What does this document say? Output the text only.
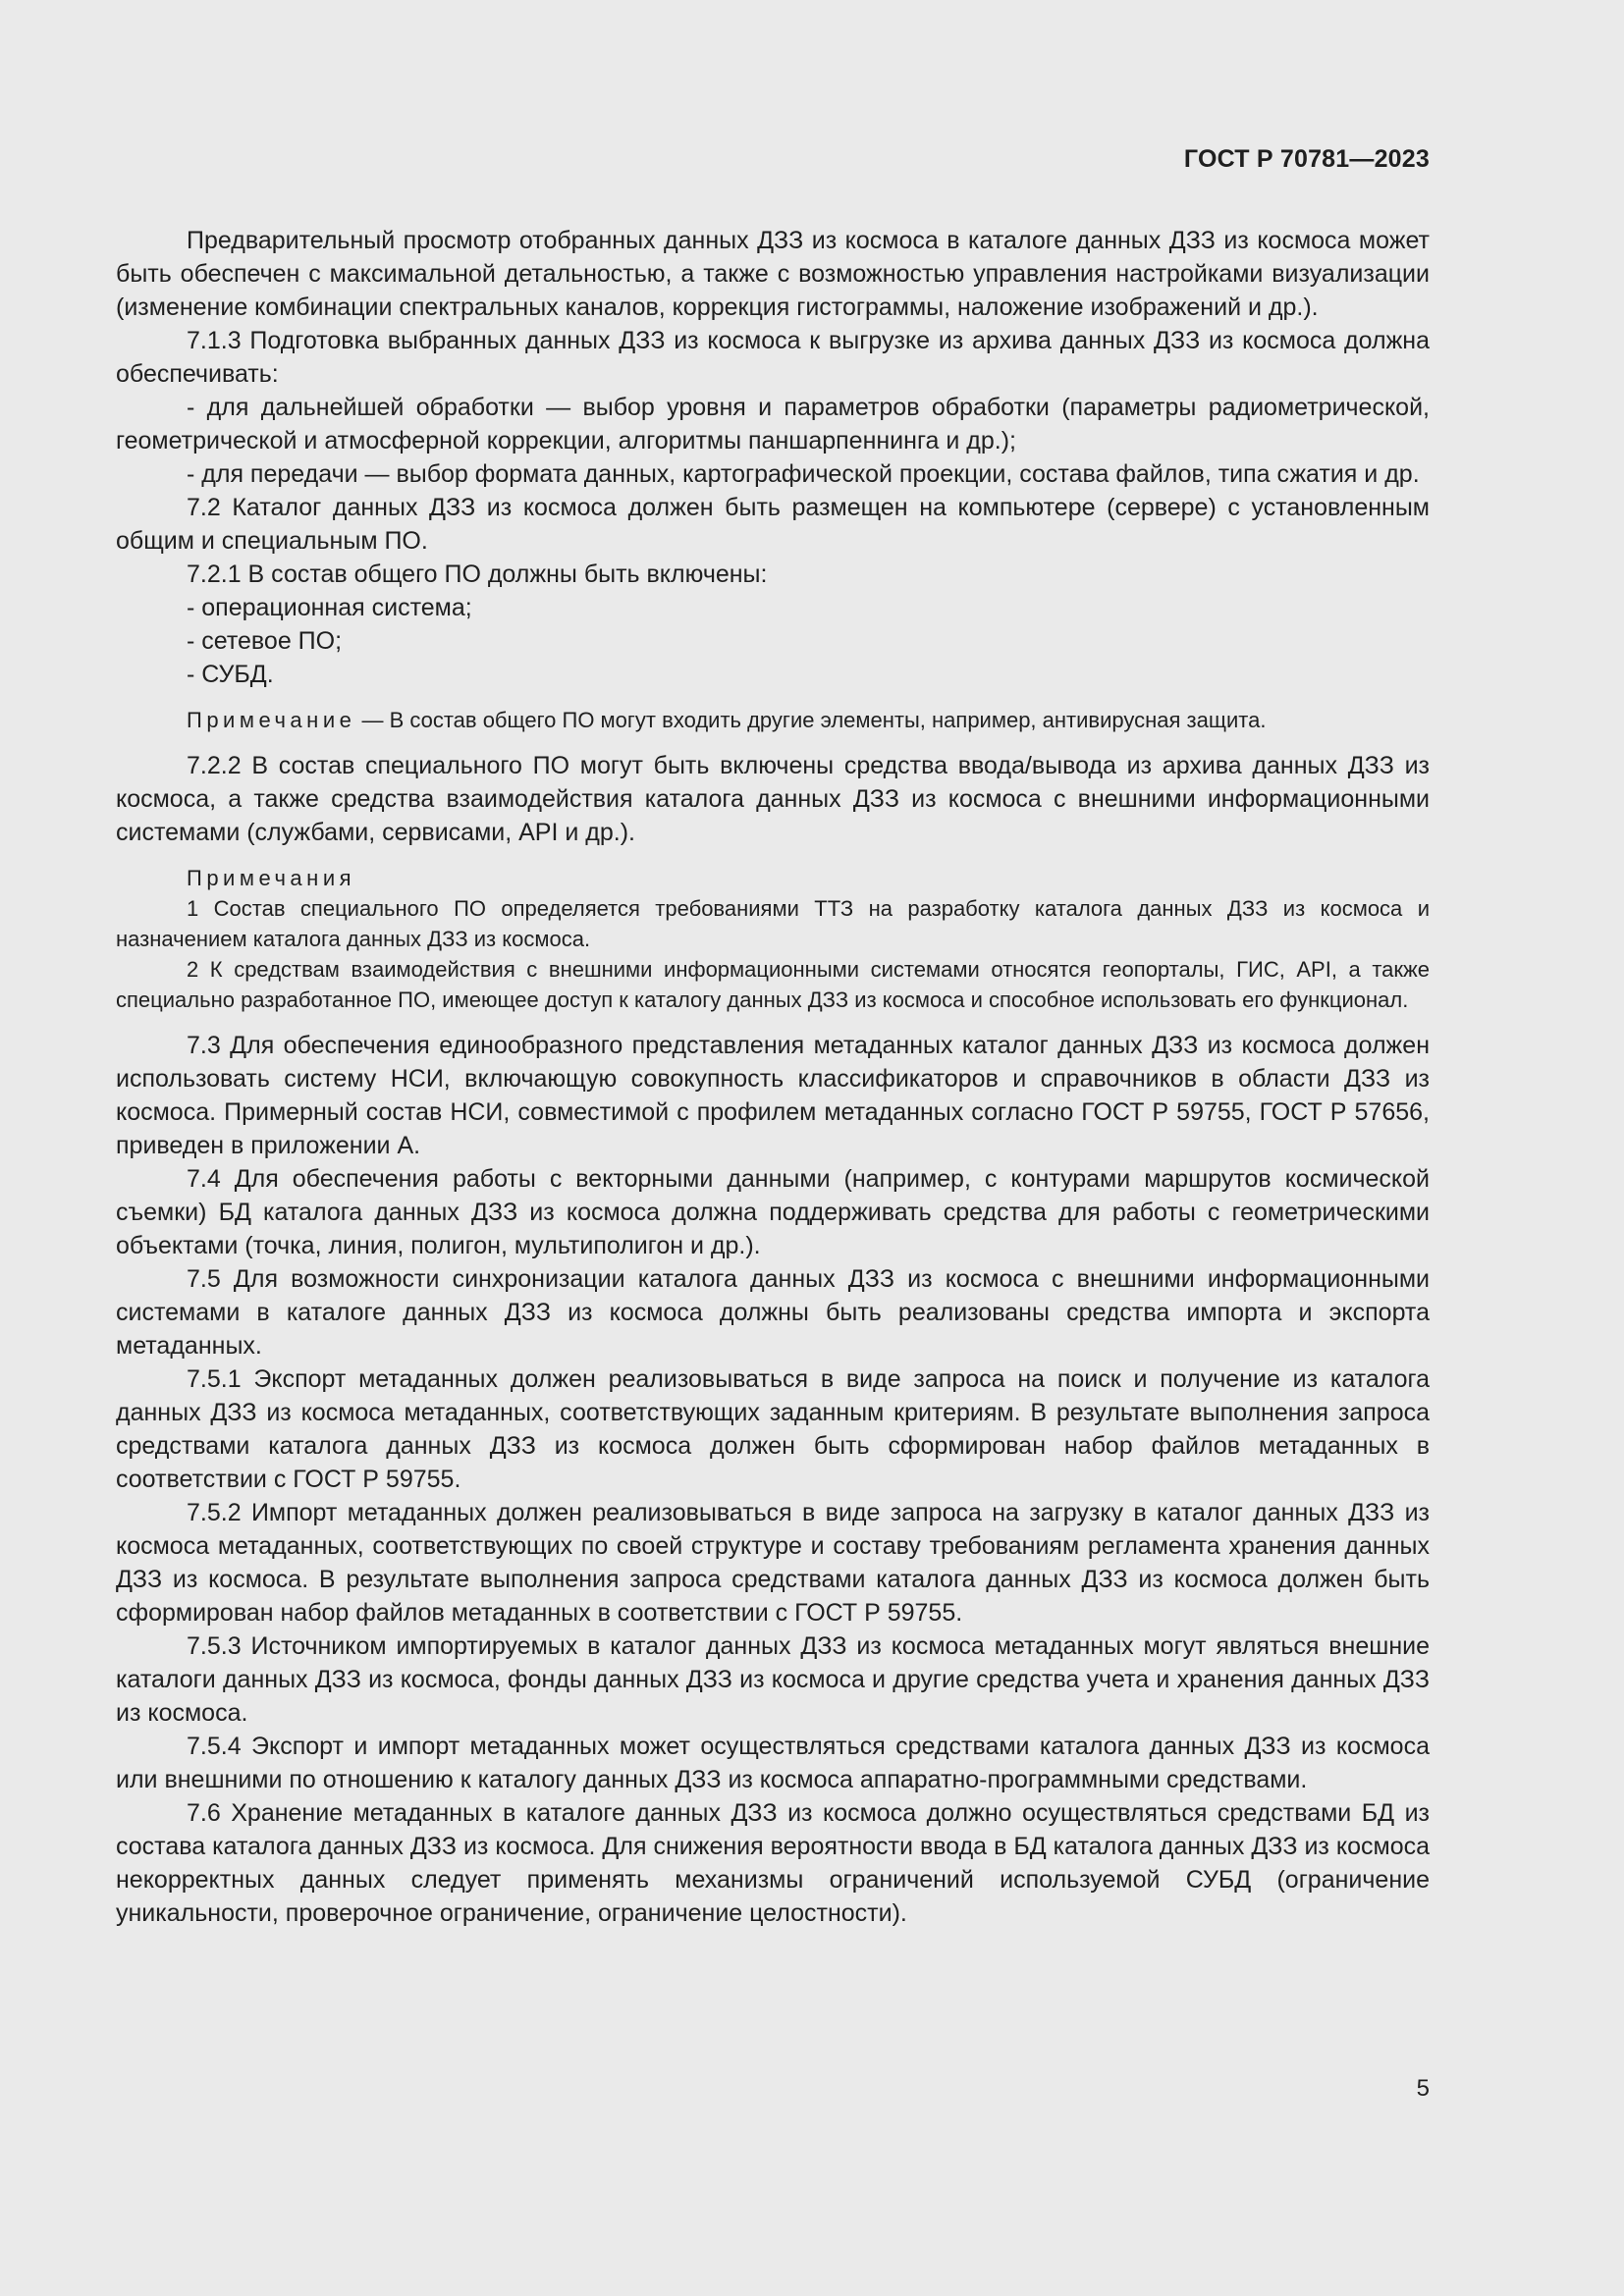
ГОСТ Р 70781—2023

Предварительный просмотр отобранных данных ДЗЗ из космоса в каталоге данных ДЗЗ из космоса может быть обеспечен с максимальной детальностью, а также с возможностью управления настройками визуализации (изменение комбинации спектральных каналов, коррекция гистограммы, наложение изображений и др.).

7.1.3 Подготовка выбранных данных ДЗЗ из космоса к выгрузке из архива данных ДЗЗ из космоса должна обеспечивать:

- для дальнейшей обработки — выбор уровня и параметров обработки (параметры радиометрической, геометрической и атмосферной коррекции, алгоритмы паншарпеннинга и др.);

- для передачи — выбор формата данных, картографической проекции, состава файлов, типа сжатия и др.

7.2 Каталог данных ДЗЗ из космоса должен быть размещен на компьютере (сервере) с установленным общим и специальным ПО.

7.2.1 В состав общего ПО должны быть включены:

- операционная система;

- сетевое ПО;

- СУБД.

Примечание — В состав общего ПО могут входить другие элементы, например, антивирусная защита.

7.2.2 В состав специального ПО могут быть включены средства ввода/вывода из архива данных ДЗЗ из космоса, а также средства взаимодействия каталога данных ДЗЗ из космоса с внешними информационными системами (службами, сервисами, API и др.).

Примечания

1 Состав специального ПО определяется требованиями ТТЗ на разработку каталога данных ДЗЗ из космоса и назначением каталога данных ДЗЗ из космоса.

2 К средствам взаимодействия с внешними информационными системами относятся геопорталы, ГИС, API, а также специально разработанное ПО, имеющее доступ к каталогу данных ДЗЗ из космоса и способное использовать его функционал.

7.3 Для обеспечения единообразного представления метаданных каталог данных ДЗЗ из космоса должен использовать систему НСИ, включающую совокупность классификаторов и справочников в области ДЗЗ из космоса. Примерный состав НСИ, совместимой с профилем метаданных согласно ГОСТ Р 59755, ГОСТ Р 57656, приведен в приложении А.

7.4 Для обеспечения работы с векторными данными (например, с контурами маршрутов космической съемки) БД каталога данных ДЗЗ из космоса должна поддерживать средства для работы с геометрическими объектами (точка, линия, полигон, мультиполигон и др.).

7.5 Для возможности синхронизации каталога данных ДЗЗ из космоса с внешними информационными системами в каталоге данных ДЗЗ из космоса должны быть реализованы средства импорта и экспорта метаданных.

7.5.1 Экспорт метаданных должен реализовываться в виде запроса на поиск и получение из каталога данных ДЗЗ из космоса метаданных, соответствующих заданным критериям. В результате выполнения запроса средствами каталога данных ДЗЗ из космоса должен быть сформирован набор файлов метаданных в соответствии с ГОСТ Р 59755.

7.5.2 Импорт метаданных должен реализовываться в виде запроса на загрузку в каталог данных ДЗЗ из космоса метаданных, соответствующих по своей структуре и составу требованиям регламента хранения данных ДЗЗ из космоса. В результате выполнения запроса средствами каталога данных ДЗЗ из космоса должен быть сформирован набор файлов метаданных в соответствии с ГОСТ Р 59755.

7.5.3 Источником импортируемых в каталог данных ДЗЗ из космоса метаданных могут являться внешние каталоги данных ДЗЗ из космоса, фонды данных ДЗЗ из космоса и другие средства учета и хранения данных ДЗЗ из космоса.

7.5.4 Экспорт и импорт метаданных может осуществляться средствами каталога данных ДЗЗ из космоса или внешними по отношению к каталогу данных ДЗЗ из космоса аппаратно-программными средствами.

7.6 Хранение метаданных в каталоге данных ДЗЗ из космоса должно осуществляться средствами БД из состава каталога данных ДЗЗ из космоса. Для снижения вероятности ввода в БД каталога данных ДЗЗ из космоса некорректных данных следует применять механизмы ограничений используемой СУБД (ограничение уникальности, проверочное ограничение, ограничение целостности).

5
